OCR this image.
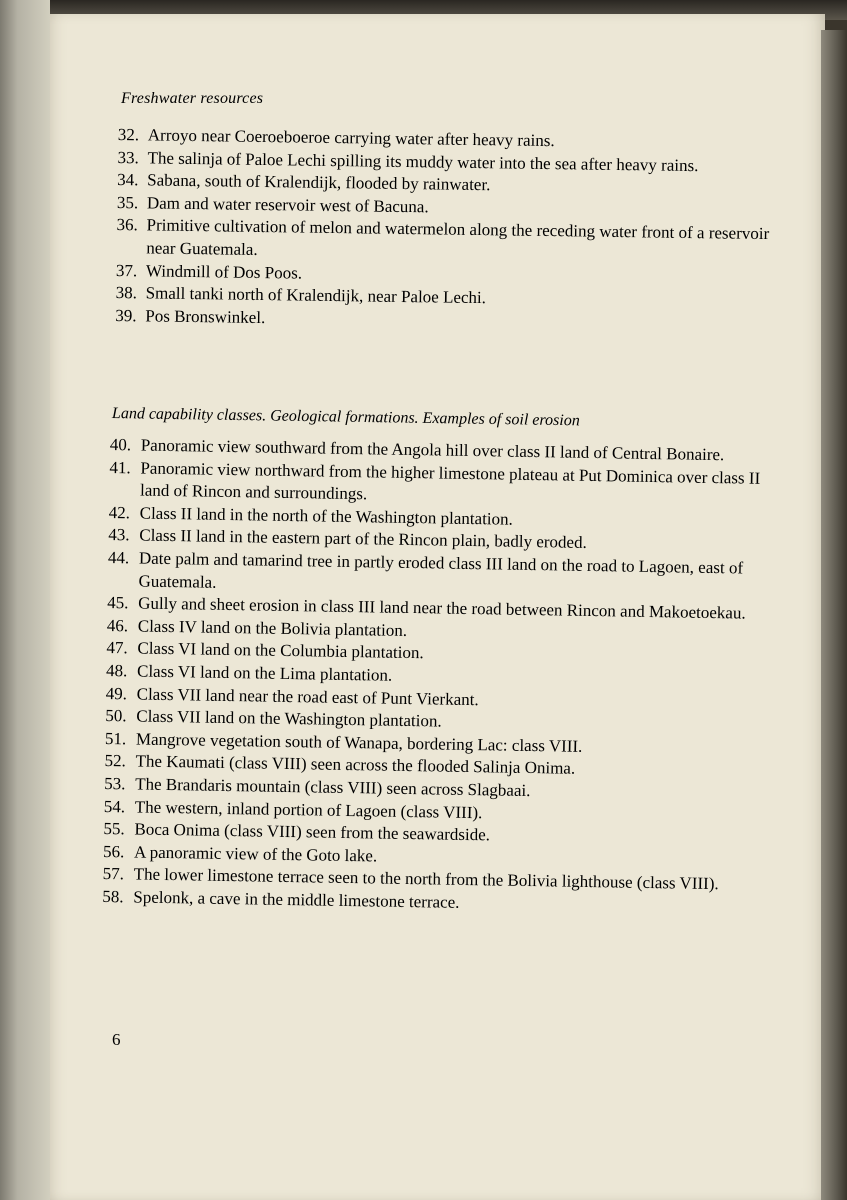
Freshwater resources
32. Arroyo near Coeroeboeroe carrying water after heavy rains.
33. The salinja of Paloe Lechi spilling its muddy water into the sea after heavy rains.
34. Sabana, south of Kralendijk, flooded by rainwater.
35. Dam and water reservoir west of Bacuna.
36. Primitive cultivation of melon and watermelon along the receding water front of a reservoir near Guatemala.
37. Windmill of Dos Poos.
38. Small tanki north of Kralendijk, near Paloe Lechi.
39. Pos Bronswinkel.
Land capability classes. Geological formations. Examples of soil erosion
40. Panoramic view southward from the Angola hill over class II land of Central Bonaire.
41. Panoramic view northward from the higher limestone plateau at Put Dominica over class II land of Rincon and surroundings.
42. Class II land in the north of the Washington plantation.
43. Class II land in the eastern part of the Rincon plain, badly eroded.
44. Date palm and tamarind tree in partly eroded class III land on the road to Lagoen, east of Guatemala.
45. Gully and sheet erosion in class III land near the road between Rincon and Makoetoekau.
46. Class IV land on the Bolivia plantation.
47. Class VI land on the Columbia plantation.
48. Class VI land on the Lima plantation.
49. Class VII land near the road east of Punt Vierkant.
50. Class VII land on the Washington plantation.
51. Mangrove vegetation south of Wanapa, bordering Lac: class VIII.
52. The Kaumati (class VIII) seen across the flooded Salinja Onima.
53. The Brandaris mountain (class VIII) seen across Slagbaai.
54. The western, inland portion of Lagoen (class VIII).
55. Boca Onima (class VIII) seen from the seawardside.
56. A panoramic view of the Goto lake.
57. The lower limestone terrace seen to the north from the Bolivia lighthouse (class VIII).
58. Spelonk, a cave in the middle limestone terrace.
6
